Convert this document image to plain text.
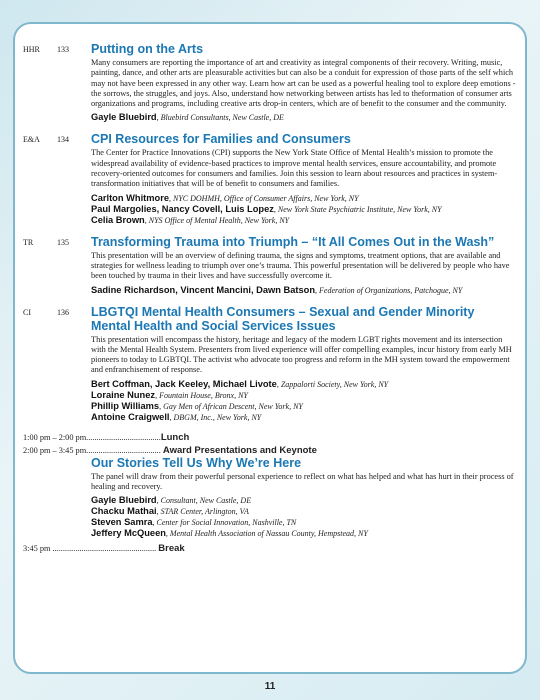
HHR	133	Putting on the Arts
Many consumers are reporting the importance of art and creativity as integral components of their recovery. Writing, music, painting, dance, and other arts are pleasurable activities but can also be a conduit for expression of those parts of the self which may not have been expressed in any other way. Learn how art can be used as a powerful healing tool to explore deep emotions - the sorrows, the struggles, and joys. Also, understand how networking between artists has led to theformation of consumer arts organizations and programs, including creative arts drop-in centers, which are of benefit to the consumer and the community.
Gayle Bluebird, Bluebird Consultants, New Castle, DE
E&A	134	CPI Resources for Families and Consumers
The Center for Practice Innovations (CPI) supports the New York State Office of Mental Health’s mission to promote the widespread availability of evidence-based practices to improve mental health services, ensure accountability, and promote recovery-oriented outcomes for consumers and families. Join this session to learn about resources and practices in system-transformation initiatives that will be of benefit to consumers and families.
Carlton Whitmore, NYC DOHMH, Office of Consumer Affairs, New York, NY
Paul Margolies, Nancy Covell, Luis Lopez, New York State Psychiatric Institute, New York, NY
Celia Brown, NYS Office of Mental Health, New York, NY
TR	135	Transforming Trauma into Triumph – “It All Comes Out in the Wash”
This presentation will be an overview of defining trauma, the signs and symptoms, treatment options, that are available and strategies for wellness leading to triumph over one’s trauma. This powerful presentation will be delivered by people who have been touched by trauma in their lives and have successfully overcome it.
Sadine Richardson, Vincent Mancini, Dawn Batson, Federation of Organizations, Patchogue, NY
CI	136	LBGTQI Mental Health Consumers – Sexual and Gender Minority Mental Health and Social Services Issues
This presentation will encompass the history, heritage and legacy of the modern LGBT rights movement and its intersection with the Mental Health System. Presenters from lived experience will offer compelling examples, incur history from early MH pioneers to today to LGBTQI. The activist who advocate too progress and reform in the MH system toward the empowerment and enfranchisement of response.
Bert Coffman, Jack Keeley, Michael Livote, Zappalorti Society, New York, NY
Loraine Nunez, Fountain House, Bronx, NY
Phillip Williams, Gay Men of African Descent, New York, NY
Antoine Craigwell, DBGM, Inc., New York, NY
1:00 pm – 2:00 pm....................................Lunch
2:00 pm – 3:45 pm.................................... Award Presentations and Keynote
Our Stories Tell Us Why We’re Here
The panel will draw from their powerful personal experience to reflect on what has helped and what has hurt in their process of healing and recovery.
Gayle Bluebird, Consultant, New Castle, DE
Chacku Mathai, STAR Center, Arlington, VA
Steven Samra, Center for Social Innovation, Nashville, TN
Jeffery McQueen, Mental Health Association of Nassau County, Hempstead, NY
3:45 pm .................................................. Break
11
